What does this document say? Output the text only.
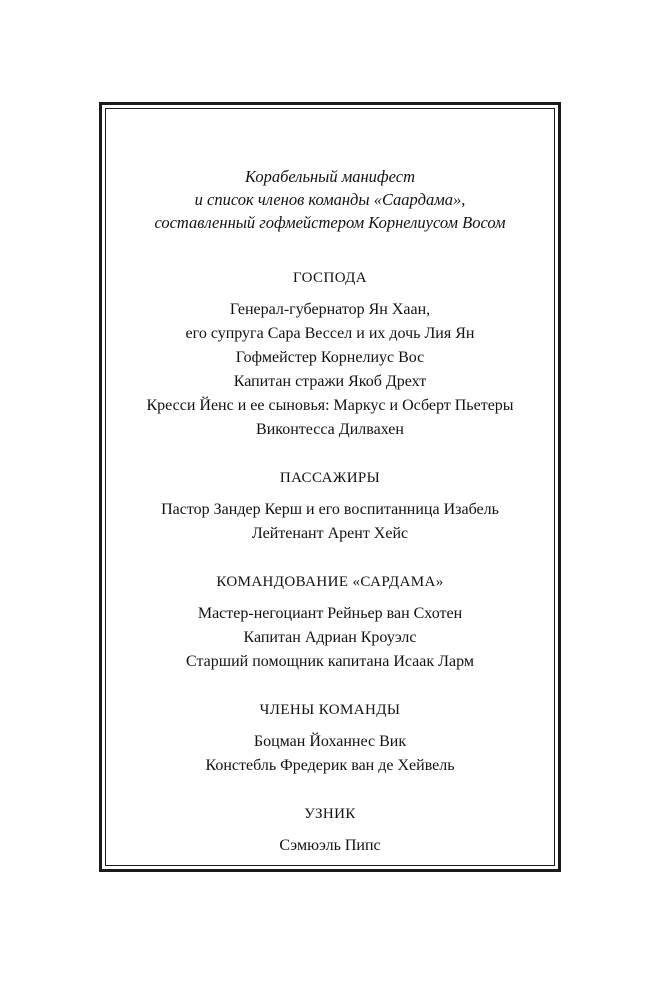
Корабельный манифест
и список членов команды «Саардама»,
составленный гофмейстером Корнелиусом Восом
ГОСПОДА
Генерал-губернатор Ян Хаан,
его супруга Сара Вессел и их дочь Лия Ян
Гофмейстер Корнелиус Вос
Капитан стражи Якоб Дрехт
Кресси Йенс и ее сыновья: Маркус и Осберт Пьетеры
Виконтесса Дилвахен
ПАССАЖИРЫ
Пастор Зандер Керш и его воспитанница Изабель
Лейтенант Арент Хейс
КОМАНДОВАНИЕ «САРДАМА»
Мастер-негоциант Рейньер ван Схотен
Капитан Адриан Кроуэлс
Старший помощник капитана Исаак Ларм
ЧЛЕНЫ КОМАНДЫ
Боцман Йоханнес Вик
Констебль Фредерик ван де Хейвель
УЗНИК
Сэмюэль Пипс
